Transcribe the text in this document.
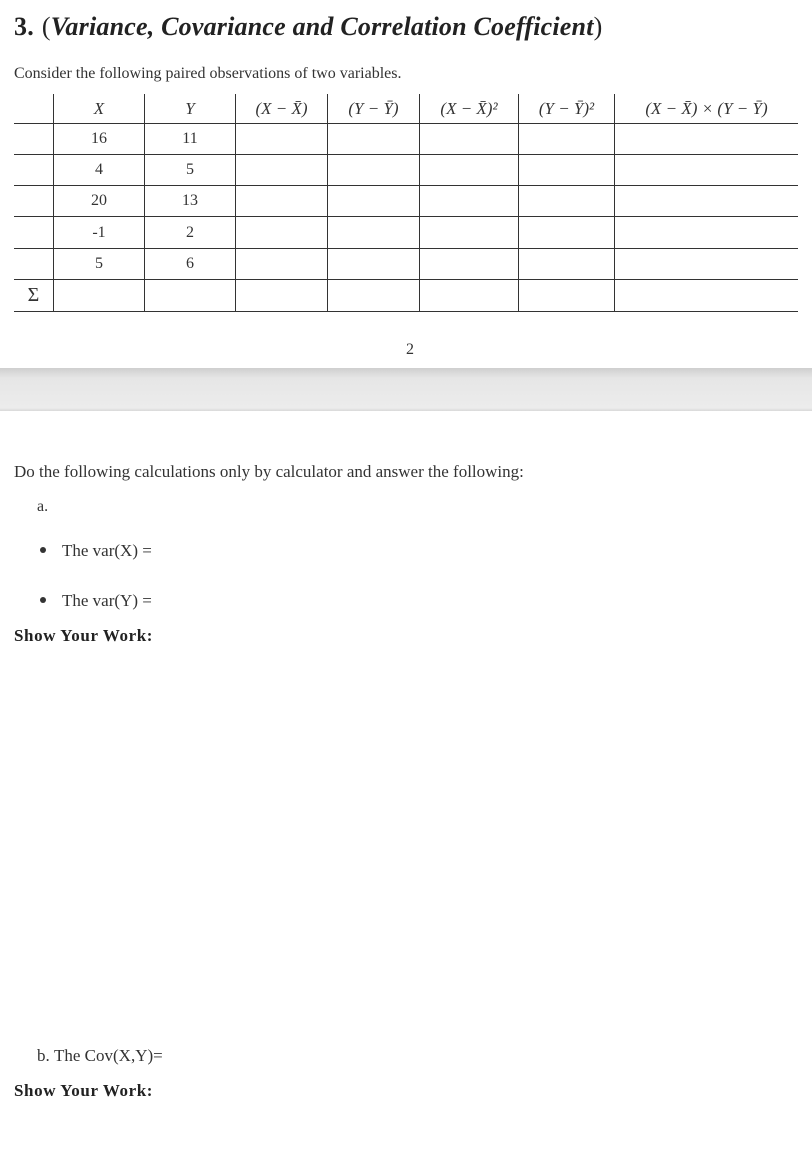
3. (Variance, Covariance and Correlation Coefficient)
Consider the following paired observations of two variables.
X	Y	(X − X̄)	(Y − Ȳ)	(X − X̄)²	(Y − Ȳ)²	(X − X̄) × (Y − Ȳ)
16	11
4	5
20	13
-1	2
5	6
Σ
2
Do the following calculations only by calculator and answer the following:
a.
The var(X) =
The var(Y) =
Show Your Work:
b. The Cov(X,Y)=
Show Your Work:
